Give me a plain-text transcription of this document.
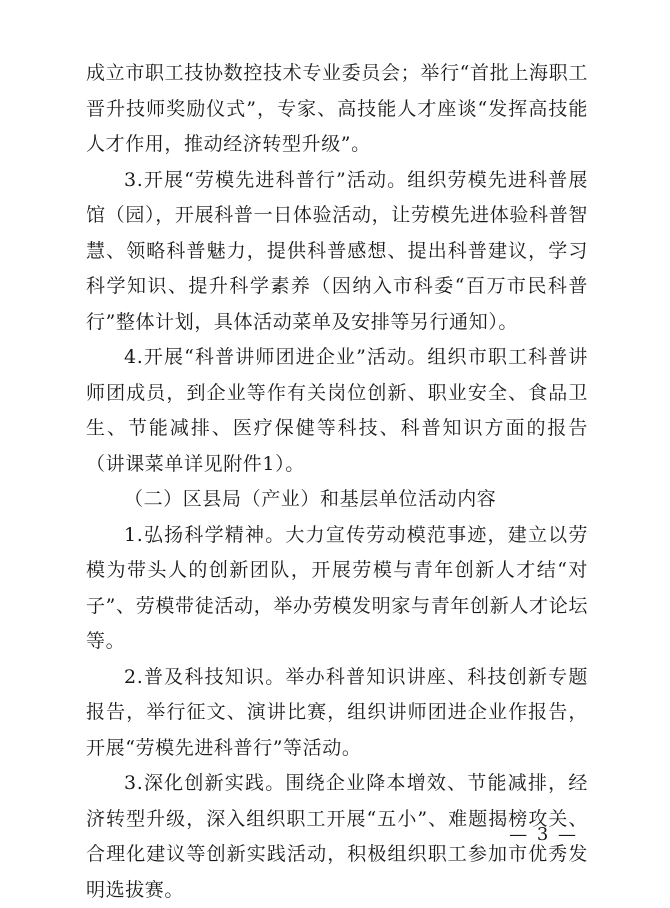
成立市职工技协数控技术专业委员会；举行“首批上海职工晋升技师奖励仪式”，专家、高技能人才座谈“发挥高技能人才作用，推动经济转型升级”。

3.开展“劳模先进科普行”活动。组织劳模先进科普展馆（园），开展科普一日体验活动，让劳模先进体验科普智慧、领略科普魅力，提供科普感想、提出科普建议，学习科学知识、提升科学素养（因纳入市科委“百万市民科普行”整体计划，具体活动菜单及安排等另行通知）。

4.开展“科普讲师团进企业”活动。组织市职工科普讲师团成员，到企业等作有关岗位创新、职业安全、食品卫生、节能减排、医疗保健等科技、科普知识方面的报告（讲课菜单详见附件1）。

（二）区县局（产业）和基层单位活动内容

1.弘扬科学精神。大力宣传劳动模范事迹，建立以劳模为带头人的创新团队，开展劳模与青年创新人才结“对子”、劳模带徒活动，举办劳模发明家与青年创新人才论坛等。

2.普及科技知识。举办科普知识讲座、科技创新专题报告，举行征文、演讲比赛，组织讲师团进企业作报告，开展“劳模先进科普行”等活动。

3.深化创新实践。围绕企业降本增效、节能减排，经济转型升级，深入组织职工开展“五小”、难题揭榜攻关、合理化建议等创新实践活动，积极组织职工参加市优秀发明选拔赛。

— 3 —
